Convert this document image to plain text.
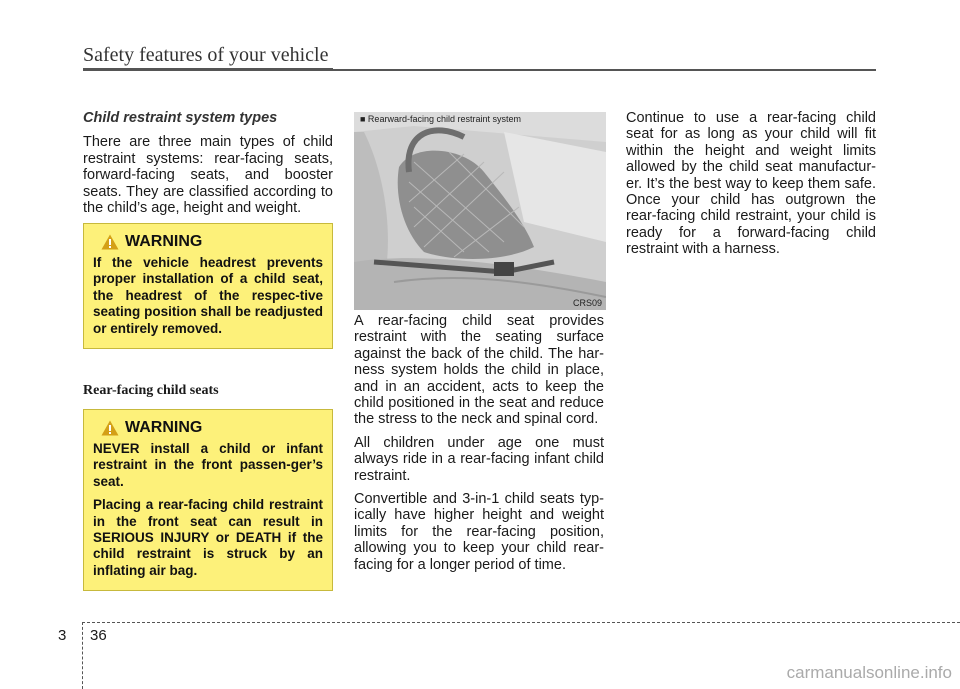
Safety features of your vehicle

Child restraint system types

There are three main types of child restraint systems: rear-facing seats, forward-facing seats, and booster seats. They are classified according to the child’s age, height and weight.

WARNING

If the vehicle headrest prevents proper installation of a child seat, the headrest of the respec-tive seating position shall be readjusted or entirely removed.

Rear-facing child seats
WARNING

NEVER install a child or infant restraint in the front passen-ger’s seat.

Placing a rear-facing child restraint in the front seat can result in SERIOUS INJURY or DEATH if the child restraint is struck by an inflating air bag.

■ Rearward-facing child restraint system
CRS09

A rear-facing child seat provides restraint with the seating surface against the back of the child. The har-ness system holds the child in place, and in an accident, acts to keep the child positioned in the seat and reduce the stress to the neck and spinal cord.

All children under age one must always ride in a rear-facing infant child restraint.

Convertible and 3-in-1 child seats typ-ically have higher height and weight limits for the rear-facing position, allowing you to keep your child rear-facing for a longer period of time.

Continue to use a rear-facing child seat for as long as your child will fit within the height and weight limits allowed by the child seat manufactur-er. It’s the best way to keep them safe. Once your child has outgrown the rear-facing child restraint, your child is ready for a forward-facing child restraint with a harness.

3 36
carmanualsonline.info
